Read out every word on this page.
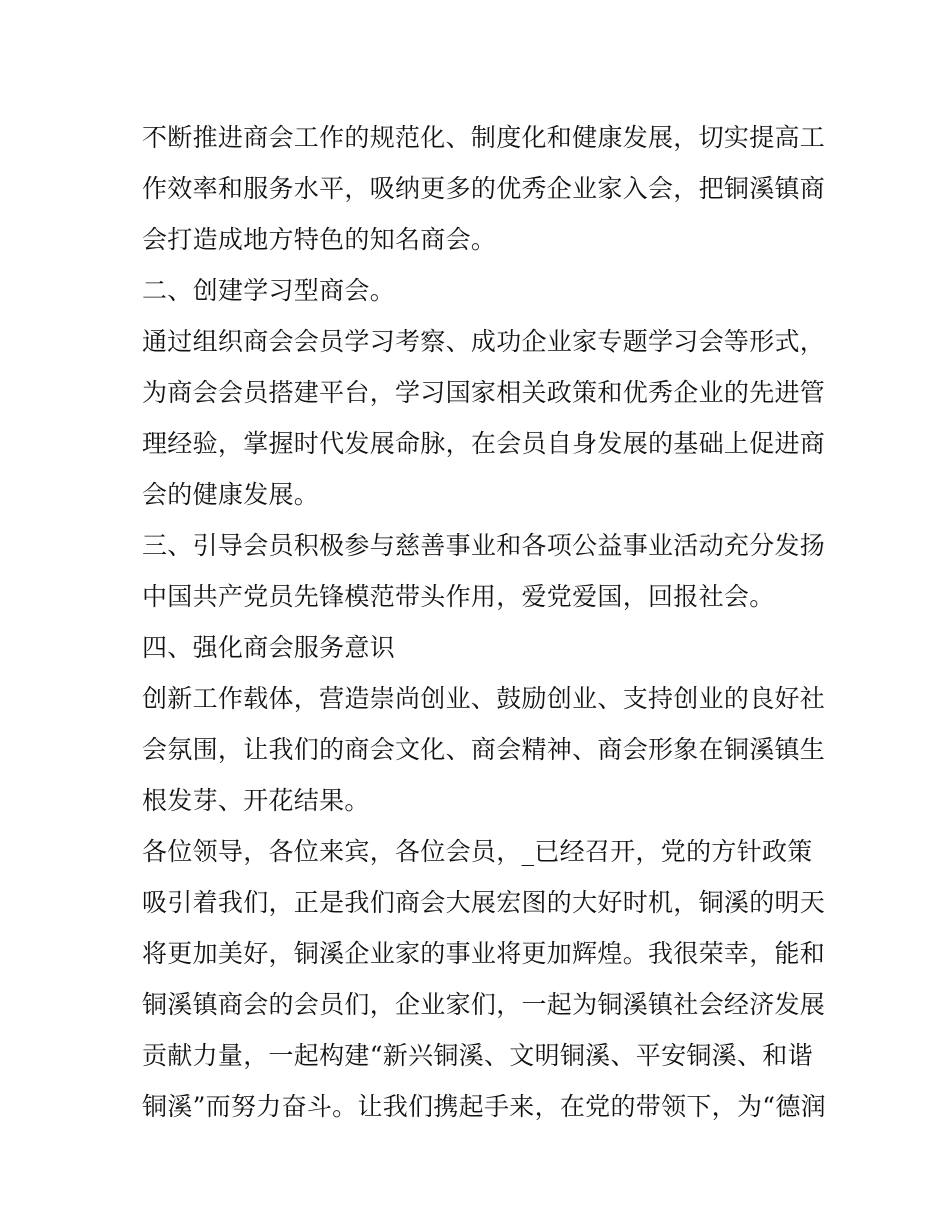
不断推进商会工作的规范化、制度化和健康发展，切实提高工
作效率和服务水平，吸纳更多的优秀企业家入会，把铜溪镇商
会打造成地方特色的知名商会。
二、创建学习型商会。
通过组织商会会员学习考察、成功企业家专题学习会等形式，
为商会会员搭建平台，学习国家相关政策和优秀企业的先进管
理经验，掌握时代发展命脉，在会员自身发展的基础上促进商
会的健康发展。
三、引导会员积极参与慈善事业和各项公益事业活动充分发扬
中国共产党员先锋模范带头作用，爱党爱国，回报社会。
四、强化商会服务意识
创新工作载体，营造崇尚创业、鼓励创业、支持创业的良好社
会氛围，让我们的商会文化、商会精神、商会形象在铜溪镇生
根发芽、开花结果。
各位领导，各位来宾，各位会员，_已经召开，党的方针政策
吸引着我们，正是我们商会大展宏图的大好时机，铜溪的明天
将更加美好，铜溪企业家的事业将更加辉煌。我很荣幸，能和
铜溪镇商会的会员们，企业家们，一起为铜溪镇社会经济发展
贡献力量，一起构建“新兴铜溪、文明铜溪、平安铜溪、和谐
铜溪”而努力奋斗。让我们携起手来，在党的带领下，为“德润
